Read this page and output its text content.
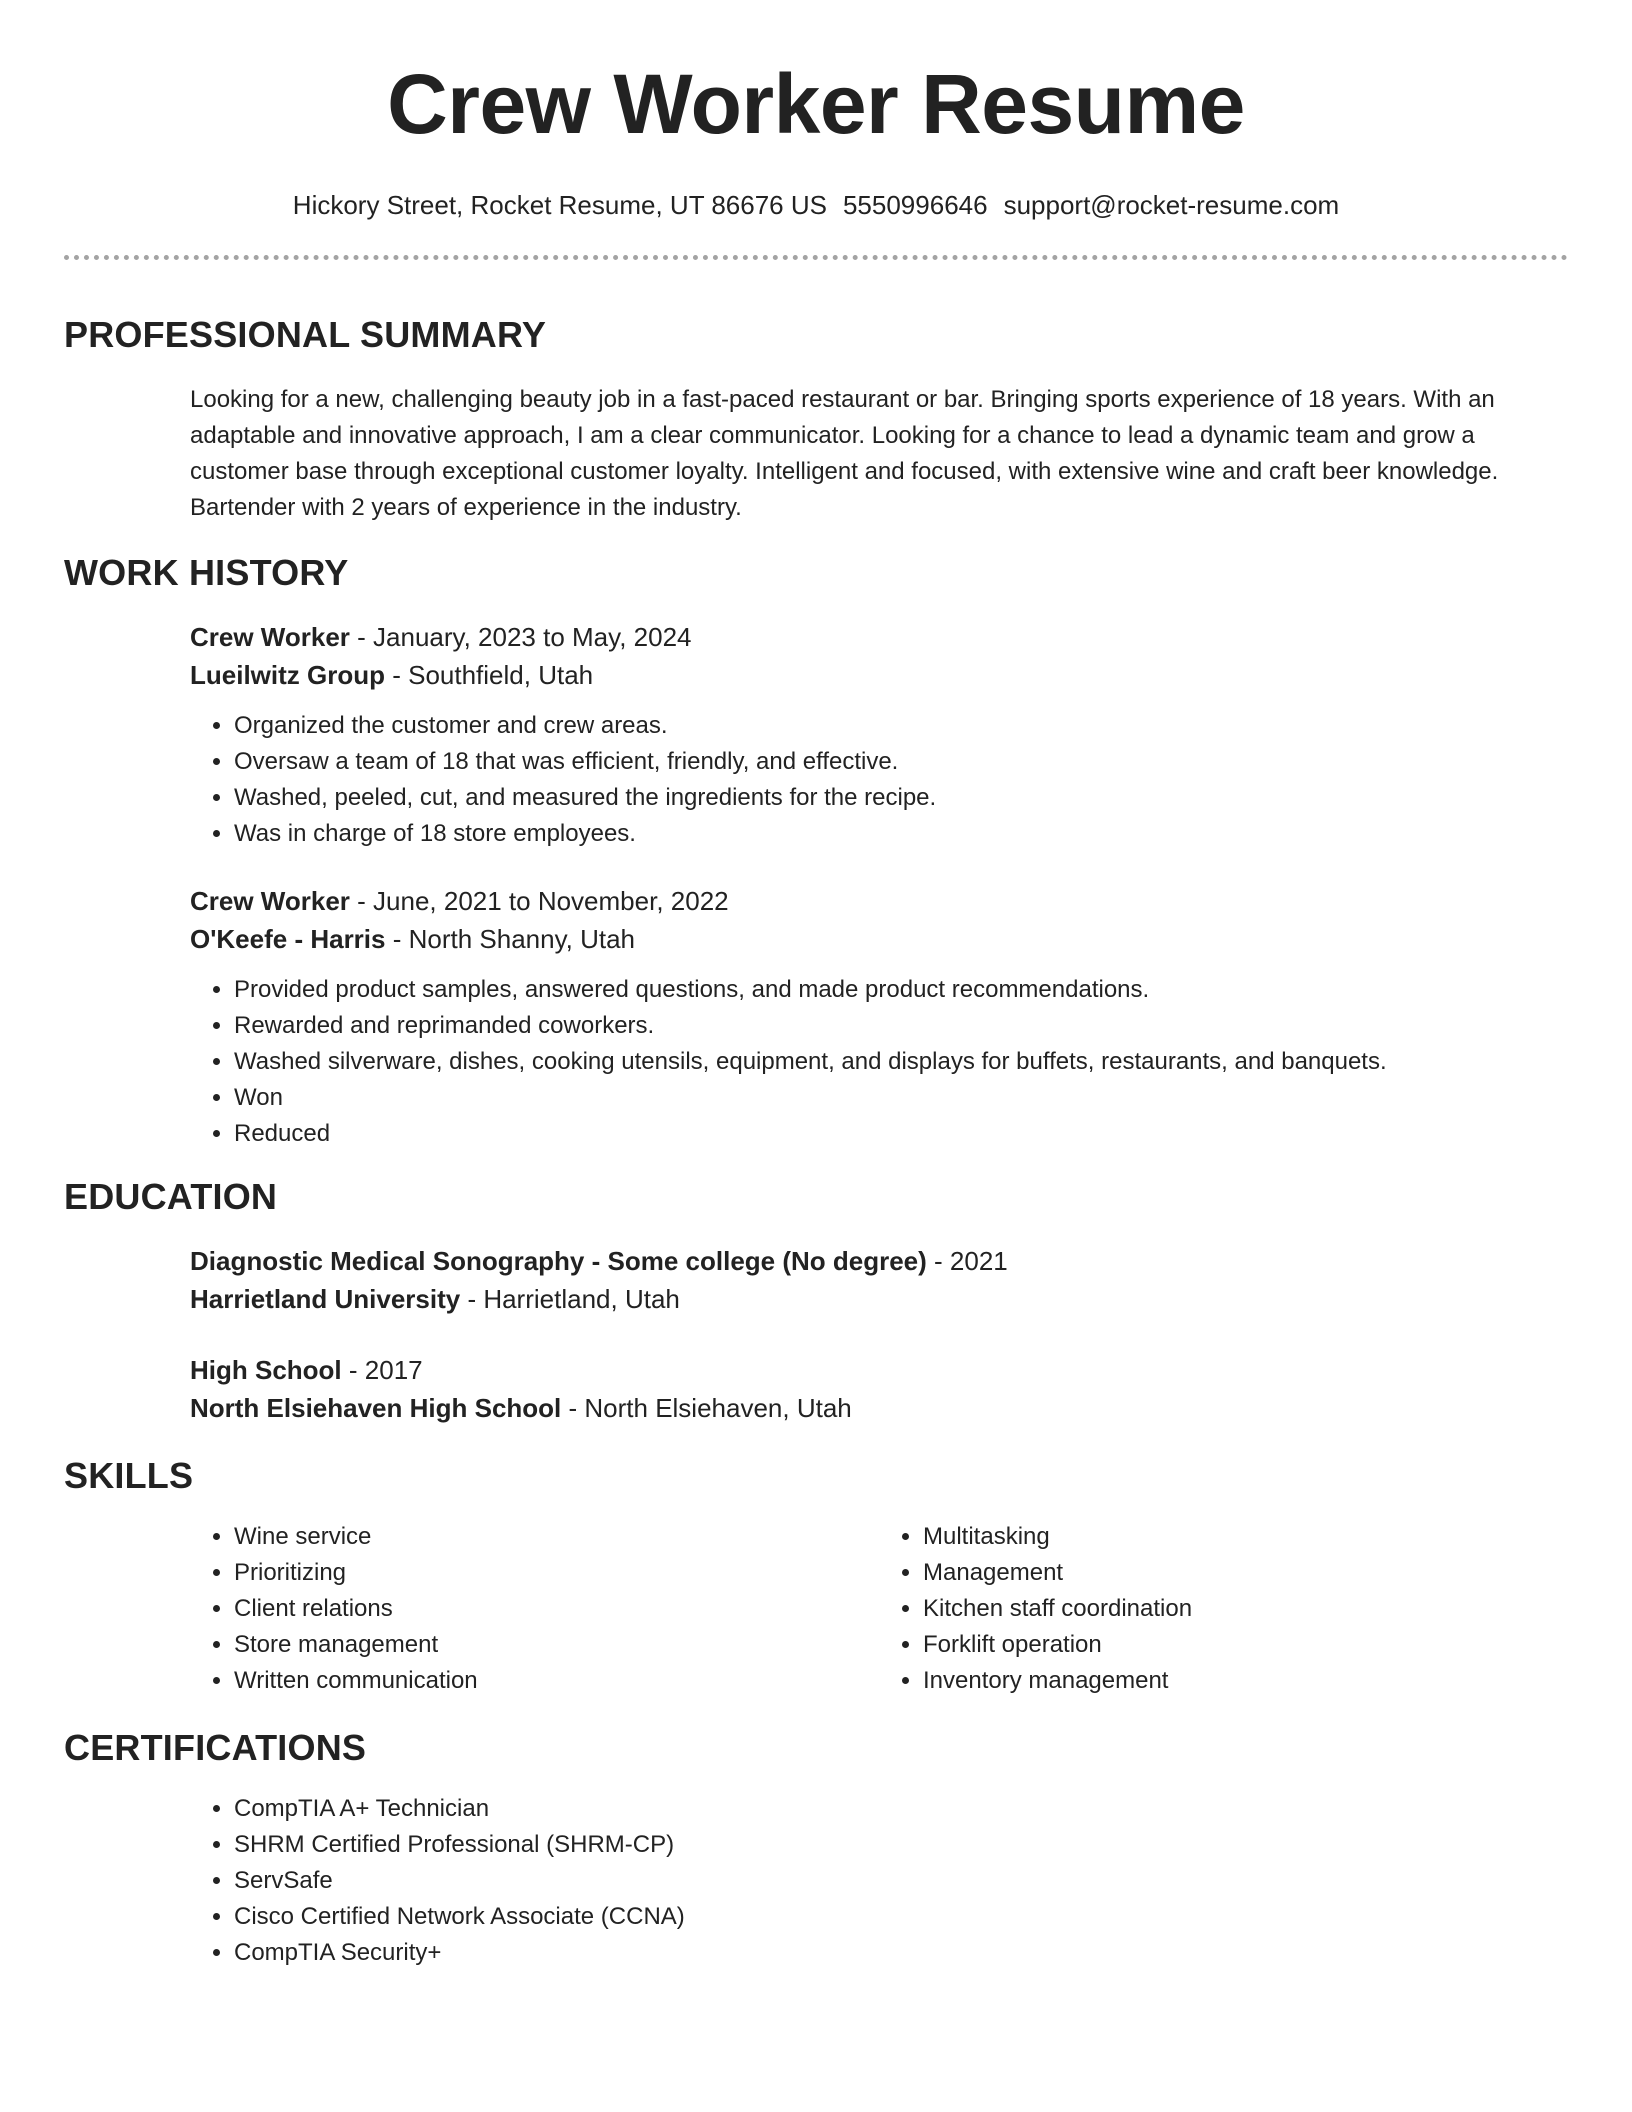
Crew Worker Resume
Hickory Street, Rocket Resume, UT 86676 US 5550996646 support@rocket-resume.com
PROFESSIONAL SUMMARY

Looking for a new, challenging beauty job in a fast-paced restaurant or bar. Bringing sports experience of 18 years. With an adaptable and innovative approach, I am a clear communicator. Looking for a chance to lead a dynamic team and grow a customer base through exceptional customer loyalty. Intelligent and focused, with extensive wine and craft beer knowledge. Bartender with 2 years of experience in the industry.

WORK HISTORY
Crew Worker - January, 2023 to May, 2024
Lueilwitz Group - Southfield, Utah
• Organized the customer and crew areas.
• Oversaw a team of 18 that was efficient, friendly, and effective.
• Washed, peeled, cut, and measured the ingredients for the recipe.
• Was in charge of 18 store employees.
Crew Worker - June, 2021 to November, 2022
O'Keefe - Harris - North Shanny, Utah
• Provided product samples, answered questions, and made product recommendations.
• Rewarded and reprimanded coworkers.
• Washed silverware, dishes, cooking utensils, equipment, and displays for buffets, restaurants, and banquets.
• Won
• Reduced
EDUCATION
Diagnostic Medical Sonography - Some college (No degree) - 2021
Harrietland University - Harrietland, Utah
High School - 2017
North Elsiehaven High School - North Elsiehaven, Utah
SKILLS
• Wine service
• Prioritizing
• Client relations
• Store management
• Written communication
• Multitasking
• Management
• Kitchen staff coordination
• Forklift operation
• Inventory management
CERTIFICATIONS
• CompTIA A+ Technician
• SHRM Certified Professional (SHRM-CP)
• ServSafe
• Cisco Certified Network Associate (CCNA)
• CompTIA Security+
